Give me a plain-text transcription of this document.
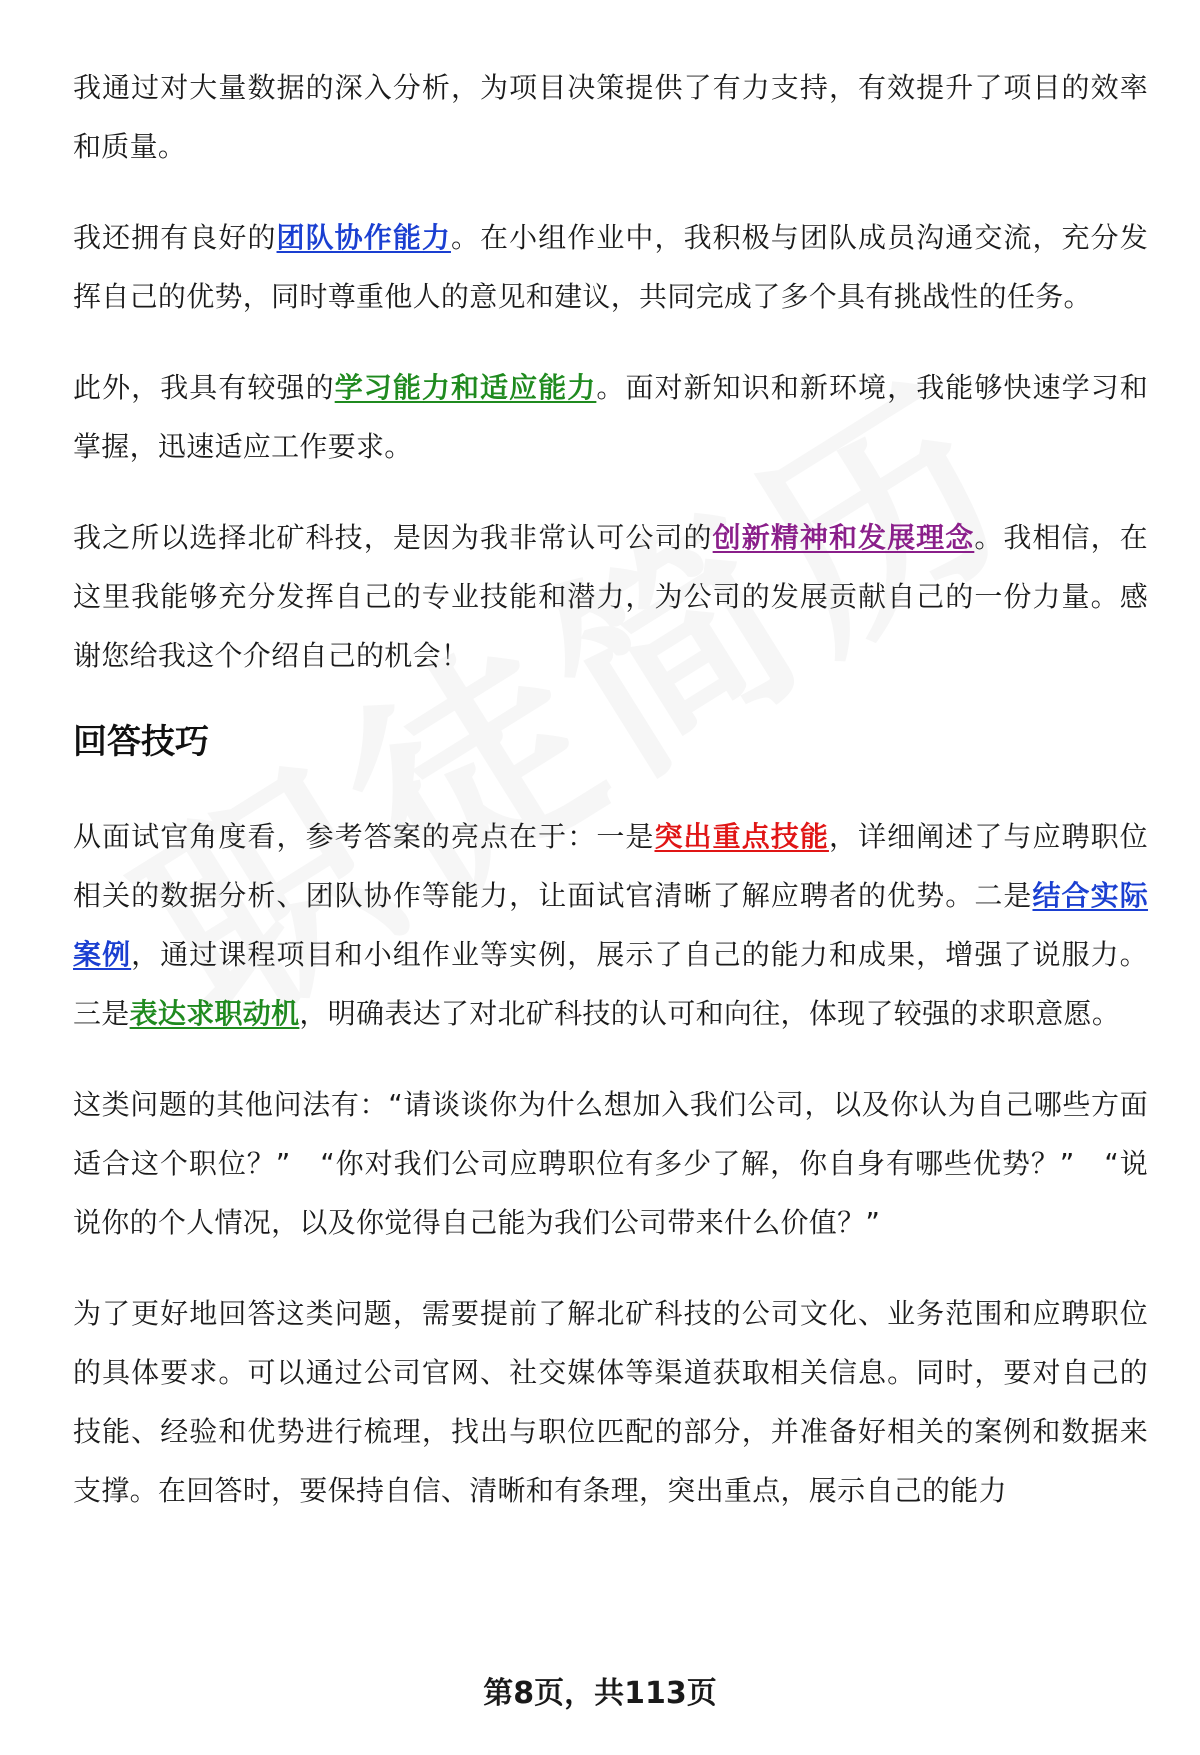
我通过对大量数据的深入分析，为项目决策提供了有力支持，有效提升了项目的效率和质量。

我还拥有良好的团队协作能力。在小组作业中，我积极与团队成员沟通交流，充分发挥自己的优势，同时尊重他人的意见和建议，共同完成了多个具有挑战性的任务。

此外，我具有较强的学习能力和适应能力。面对新知识和新环境，我能够快速学习和掌握，迅速适应工作要求。

我之所以选择北矿科技，是因为我非常认可公司的创新精神和发展理念。我相信，在这里我能够充分发挥自己的专业技能和潜力，为公司的发展贡献自己的一份力量。感谢您给我这个介绍自己的机会！

回答技巧

从面试官角度看，参考答案的亮点在于：一是突出重点技能，详细阐述了与应聘职位相关的数据分析、团队协作等能力，让面试官清晰了解应聘者的优势。二是结合实际案例，通过课程项目和小组作业等实例，展示了自己的能力和成果，增强了说服力。三是表达求职动机，明确表达了对北矿科技的认可和向往，体现了较强的求职意愿。

这类问题的其他问法有：“请谈谈你为什么想加入我们公司，以及你认为自己哪些方面适合这个职位？”　“你对我们公司应聘职位有多少了解，你自身有哪些优势？”　“说说你的个人情况，以及你觉得自己能为我们公司带来什么价值？”

为了更好地回答这类问题，需要提前了解北矿科技的公司文化、业务范围和应聘职位的具体要求。可以通过公司官网、社交媒体等渠道获取相关信息。同时，要对自己的技能、经验和优势进行梳理，找出与职位匹配的部分，并准备好相关的案例和数据来支撑。在回答时，要保持自信、清晰和有条理，突出重点，展示自己的能力

第8页，共113页
